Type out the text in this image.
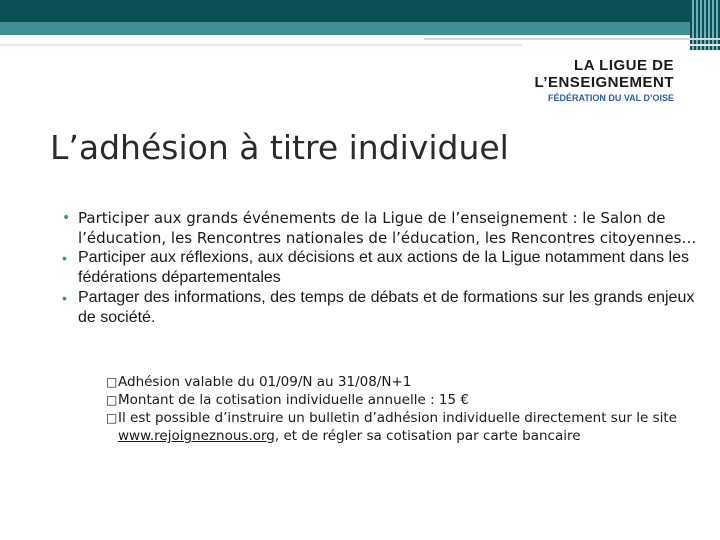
LA LIGUE DE
L’ENSEIGNEMENT
FÉDÉRATION DU VAL D’OISE
L’adhésion à titre individuel
• Participer aux grands événements de la Ligue de l’enseignement : le Salon de l’éducation, les Rencontres nationales de l’éducation, les Rencontres citoyennes…
• Participer aux réflexions, aux décisions et aux actions de la Ligue notamment dans les fédérations départementales
• Partager des informations, des temps de débats et de formations sur les grands enjeux de société.
□ Adhésion valable du 01/09/N au 31/08/N+1
□ Montant de la cotisation individuelle annuelle : 15 €
□ Il est possible d’instruire un bulletin d’adhésion individuelle directement sur le site www.rejoigneznous.org, et de régler sa cotisation par carte bancaire
